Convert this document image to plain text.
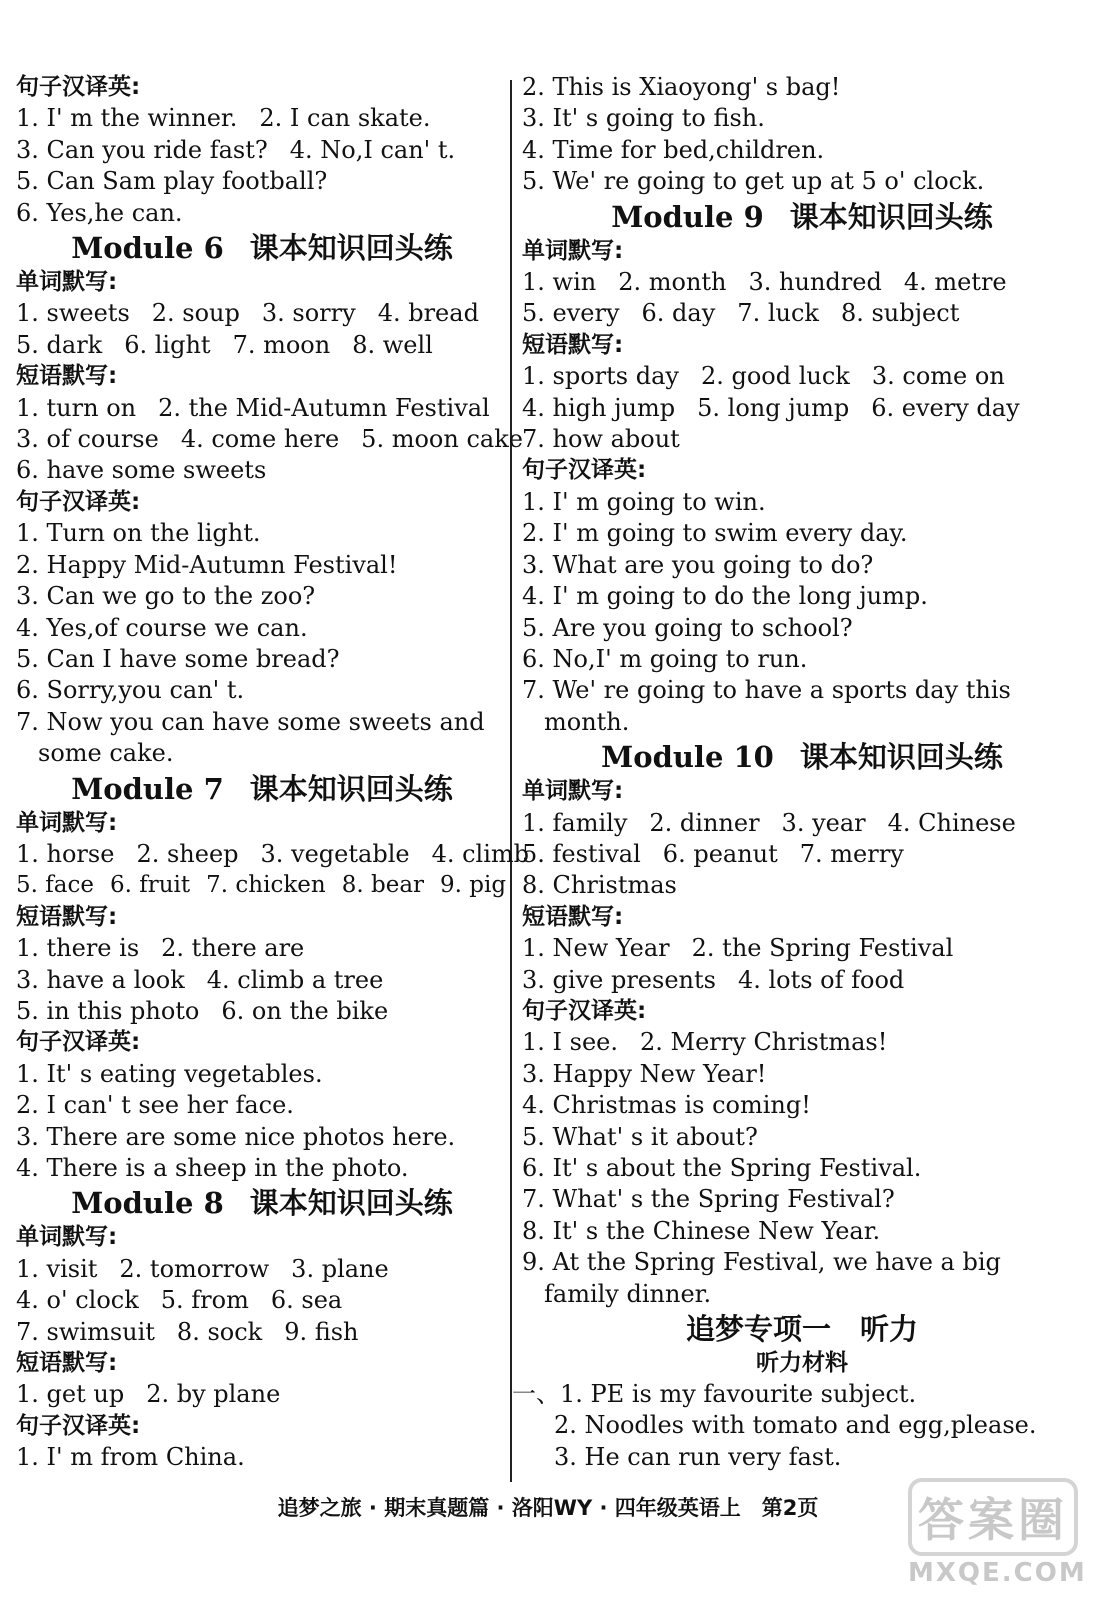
句子汉译英:
1. I' m the winner. 2. I can skate.
3. Can you ride fast? 4. No,I can' t.
5. Can Sam play football?
6. Yes,he can.
Module 6 课本知识回头练
单词默写:
1. sweets 2. soup 3. sorry 4. bread
5. dark 6. light 7. moon 8. well
短语默写:
1. turn on 2. the Mid-Autumn Festival
3. of course 4. come here 5. moon cake
6. have some sweets
句子汉译英:
1. Turn on the light.
2. Happy Mid-Autumn Festival!
3. Can we go to the zoo?
4. Yes,of course we can.
5. Can I have some bread?
6. Sorry,you can' t.
7. Now you can have some sweets and
some cake.
Module 7 课本知识回头练
单词默写:
1. horse 2. sheep 3. vegetable 4. climb
5. face 6. fruit 7. chicken 8. bear 9. pig
短语默写:
1. there is 2. there are
3. have a look 4. climb a tree
5. in this photo 6. on the bike
句子汉译英:
1. It' s eating vegetables.
2. I can' t see her face.
3. There are some nice photos here.
4. There is a sheep in the photo.
Module 8 课本知识回头练
单词默写:
1. visit 2. tomorrow 3. plane
4. o' clock 5. from 6. sea
7. swimsuit 8. sock 9. fish
短语默写:
1. get up 2. by plane
句子汉译英:
1. I' m from China.
2. This is Xiaoyong' s bag!
3. It' s going to fish.
4. Time for bed,children.
5. We' re going to get up at 5 o' clock.
Module 9 课本知识回头练
单词默写:
1. win 2. month 3. hundred 4. metre
5. every 6. day 7. luck 8. subject
短语默写:
1. sports day 2. good luck 3. come on
4. high jump 5. long jump 6. every day
7. how about
句子汉译英:
1. I' m going to win.
2. I' m going to swim every day.
3. What are you going to do?
4. I' m going to do the long jump.
5. Are you going to school?
6. No,I' m going to run.
7. We' re going to have a sports day this
month.
Module 10 课本知识回头练
单词默写:
1. family 2. dinner 3. year 4. Chinese
5. festival 6. peanut 7. merry
8. Christmas
短语默写:
1. New Year 2. the Spring Festival
3. give presents 4. lots of food
句子汉译英:
1. I see. 2. Merry Christmas!
3. Happy New Year!
4. Christmas is coming!
5. What' s it about?
6. It' s about the Spring Festival.
7. What' s the Spring Festival?
8. It' s the Chinese New Year.
9. At the Spring Festival, we have a big
family dinner.
追梦专项一　听力
听力材料
一、1. PE is my favourite subject.
2. Noodles with tomato and egg,please.
3. He can run very fast.
追梦之旅 · 期末真题篇 · 洛阳WY · 四年级英语上　第2页	答案圈
MXQE.COM
